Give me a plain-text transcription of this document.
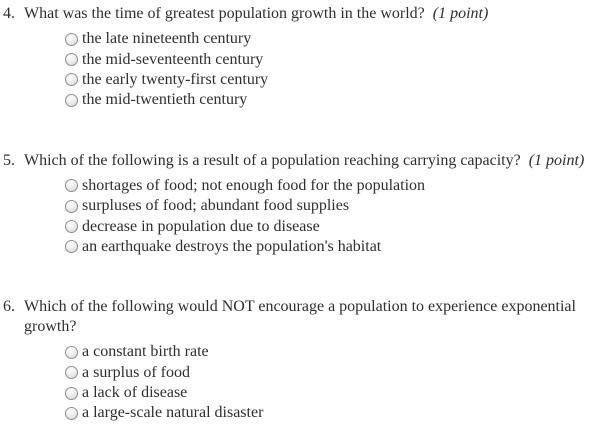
4. What was the time of greatest population growth in the world? (1 point)
the late nineteenth century
the mid-seventeenth century
the early twenty-first century
the mid-twentieth century
5. Which of the following is a result of a population reaching carrying capacity? (1 point)
shortages of food; not enough food for the population
surpluses of food; abundant food supplies
decrease in population due to disease
an earthquake destroys the population's habitat
6. Which of the following would NOT encourage a population to experience exponential growth?
a constant birth rate
a surplus of food
a lack of disease
a large-scale natural disaster
